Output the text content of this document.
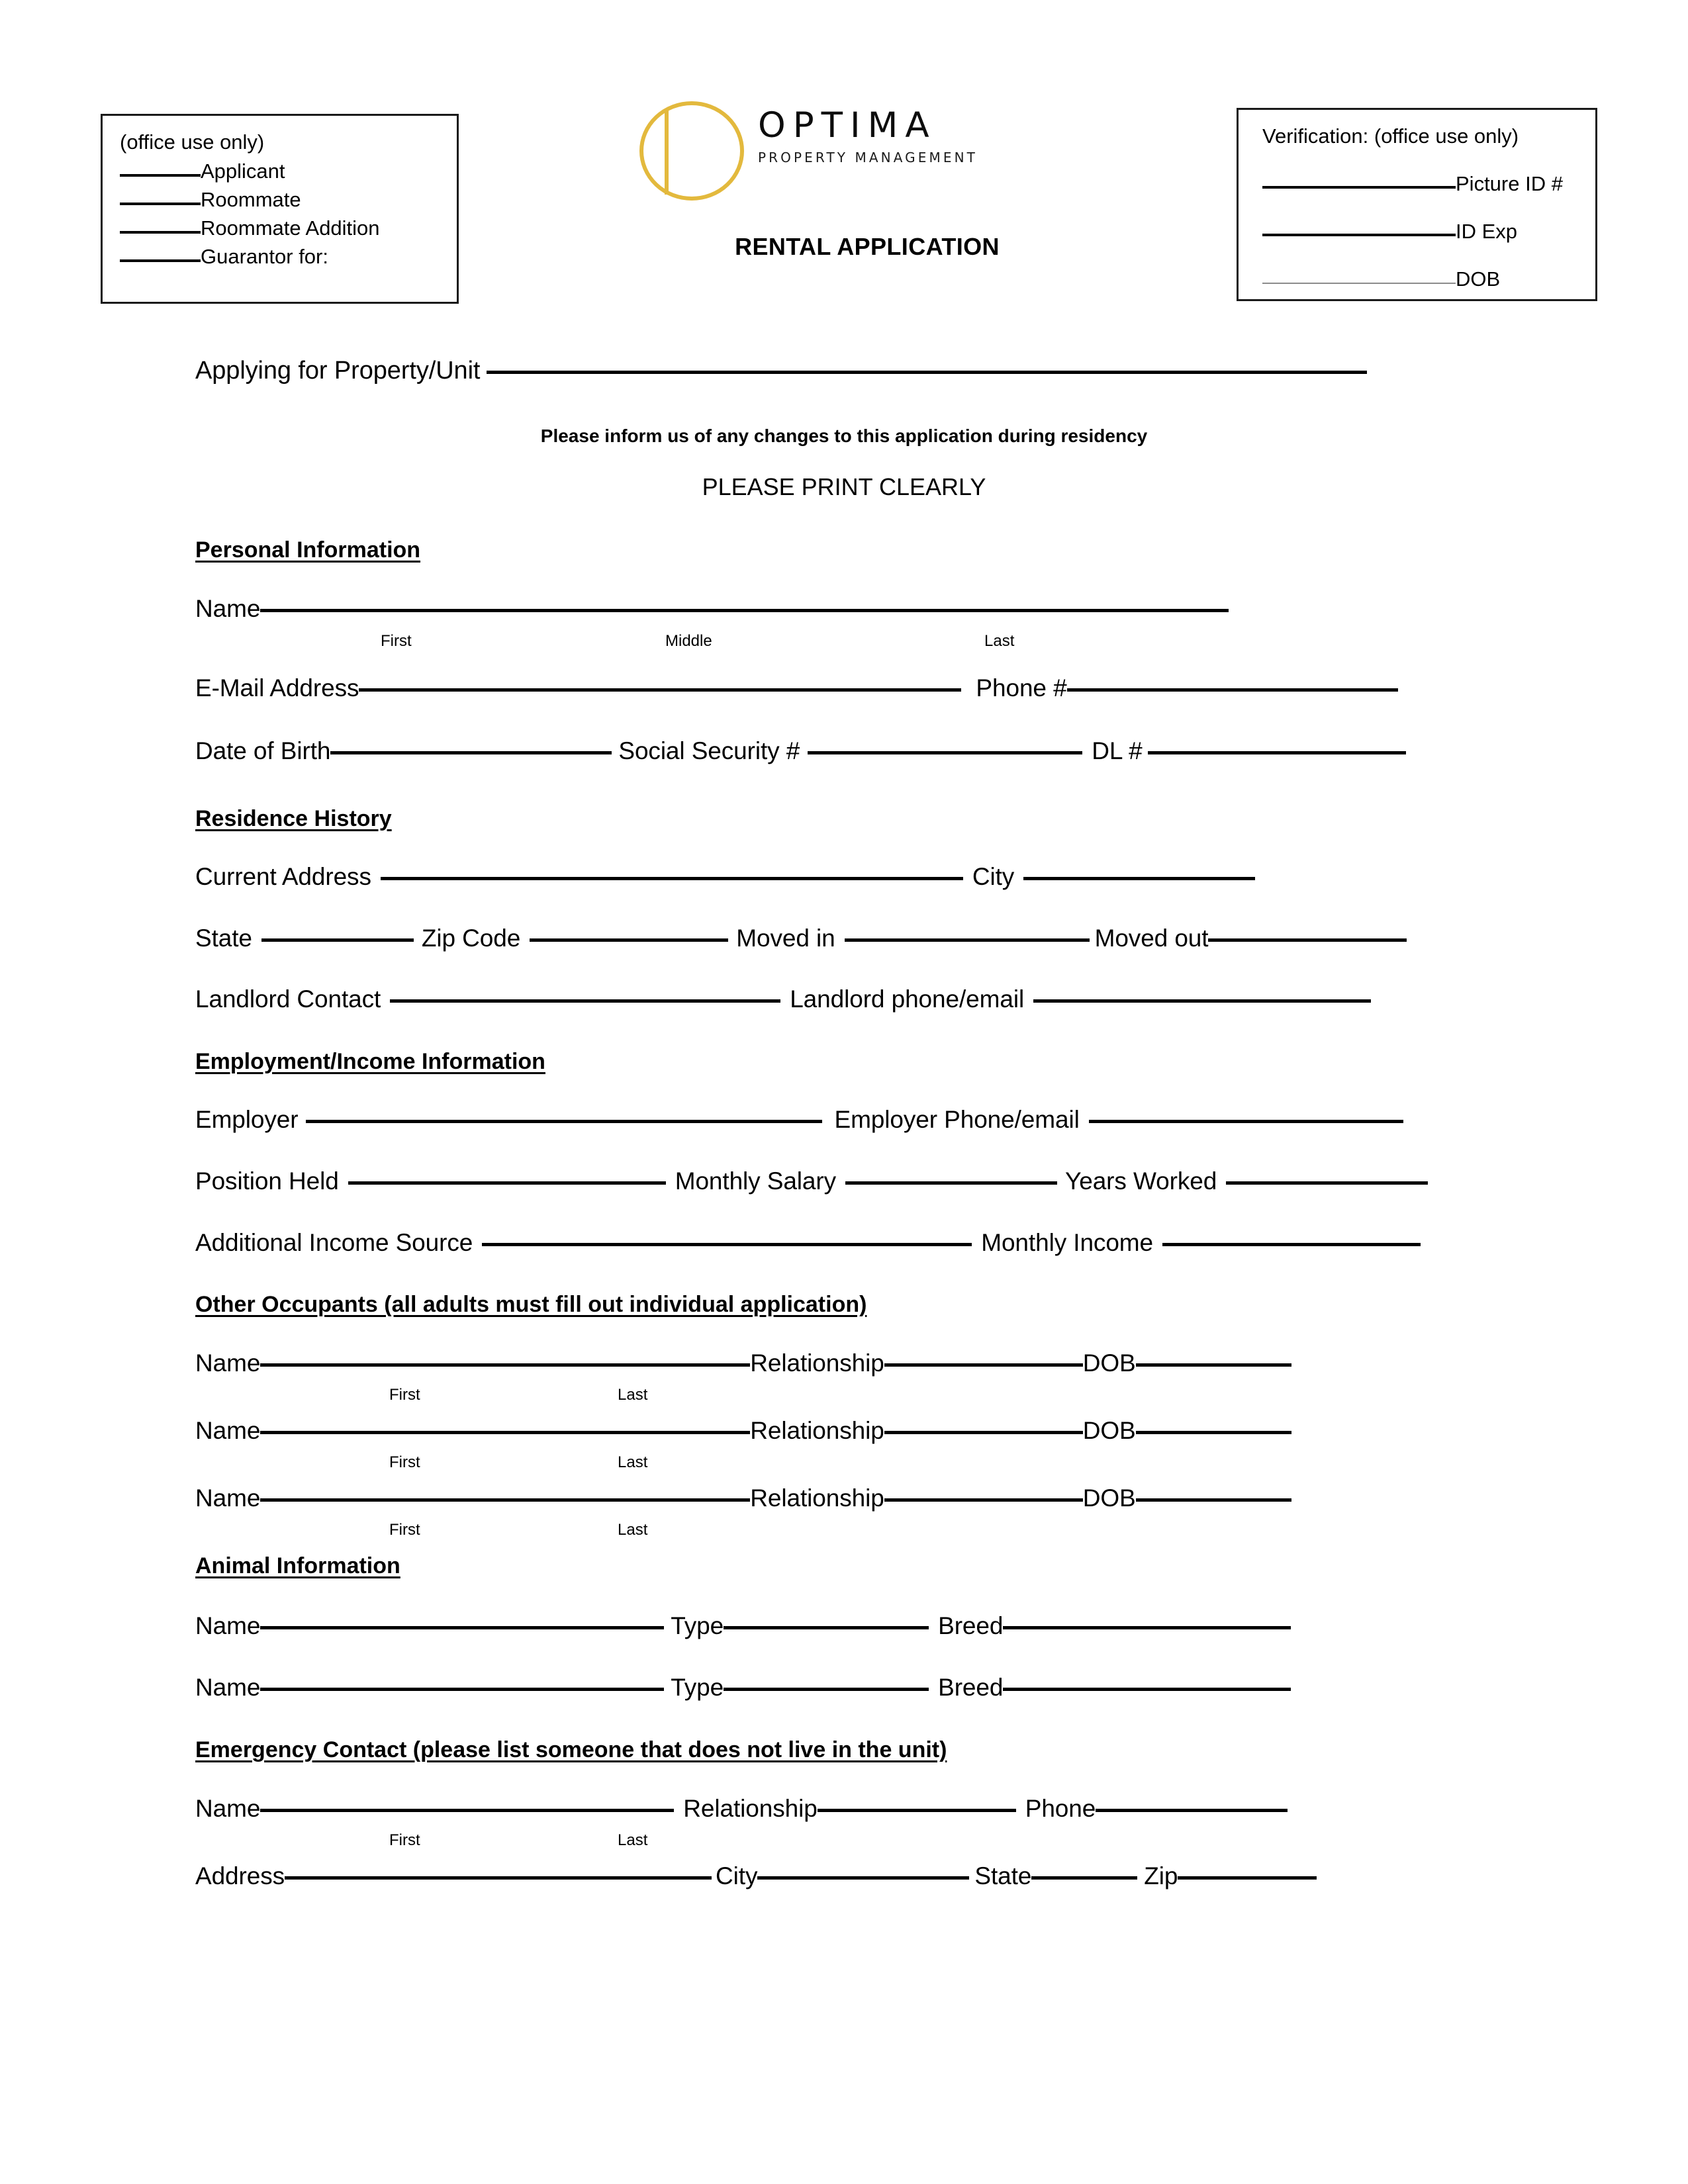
(office use only)
Applicant
Roommate
Roommate Addition
Guarantor for:
Verification: (office use only)
Picture ID #
ID Exp
DOB
OPTIMA
PROPERTY MANAGEMENT
RENTAL APPLICATION
Applying for Property/Unit
Please inform us of any changes to this application during residency
PLEASE PRINT CLEARLY
Personal Information
Name
First	Middle	Last
E-Mail Address	Phone #
Date of Birth	Social Security #	DL #
Residence History
Current Address	City
State	Zip Code	Moved in	Moved out
Landlord Contact	Landlord phone/email
Employment/Income Information
Employer	Employer Phone/email
Position Held	Monthly Salary	Years Worked
Additional Income Source	Monthly Income
Other Occupants (all adults must fill out individual application)
Name	Relationship	DOB
First	Last
Name	Relationship	DOB
First	Last
Name	Relationship	DOB
First	Last
Animal Information
Name	Type	Breed
Name	Type	Breed
Emergency Contact (please list someone that does not live in the unit)
Name	Relationship	Phone
First	Last
Address	City	State	Zip
